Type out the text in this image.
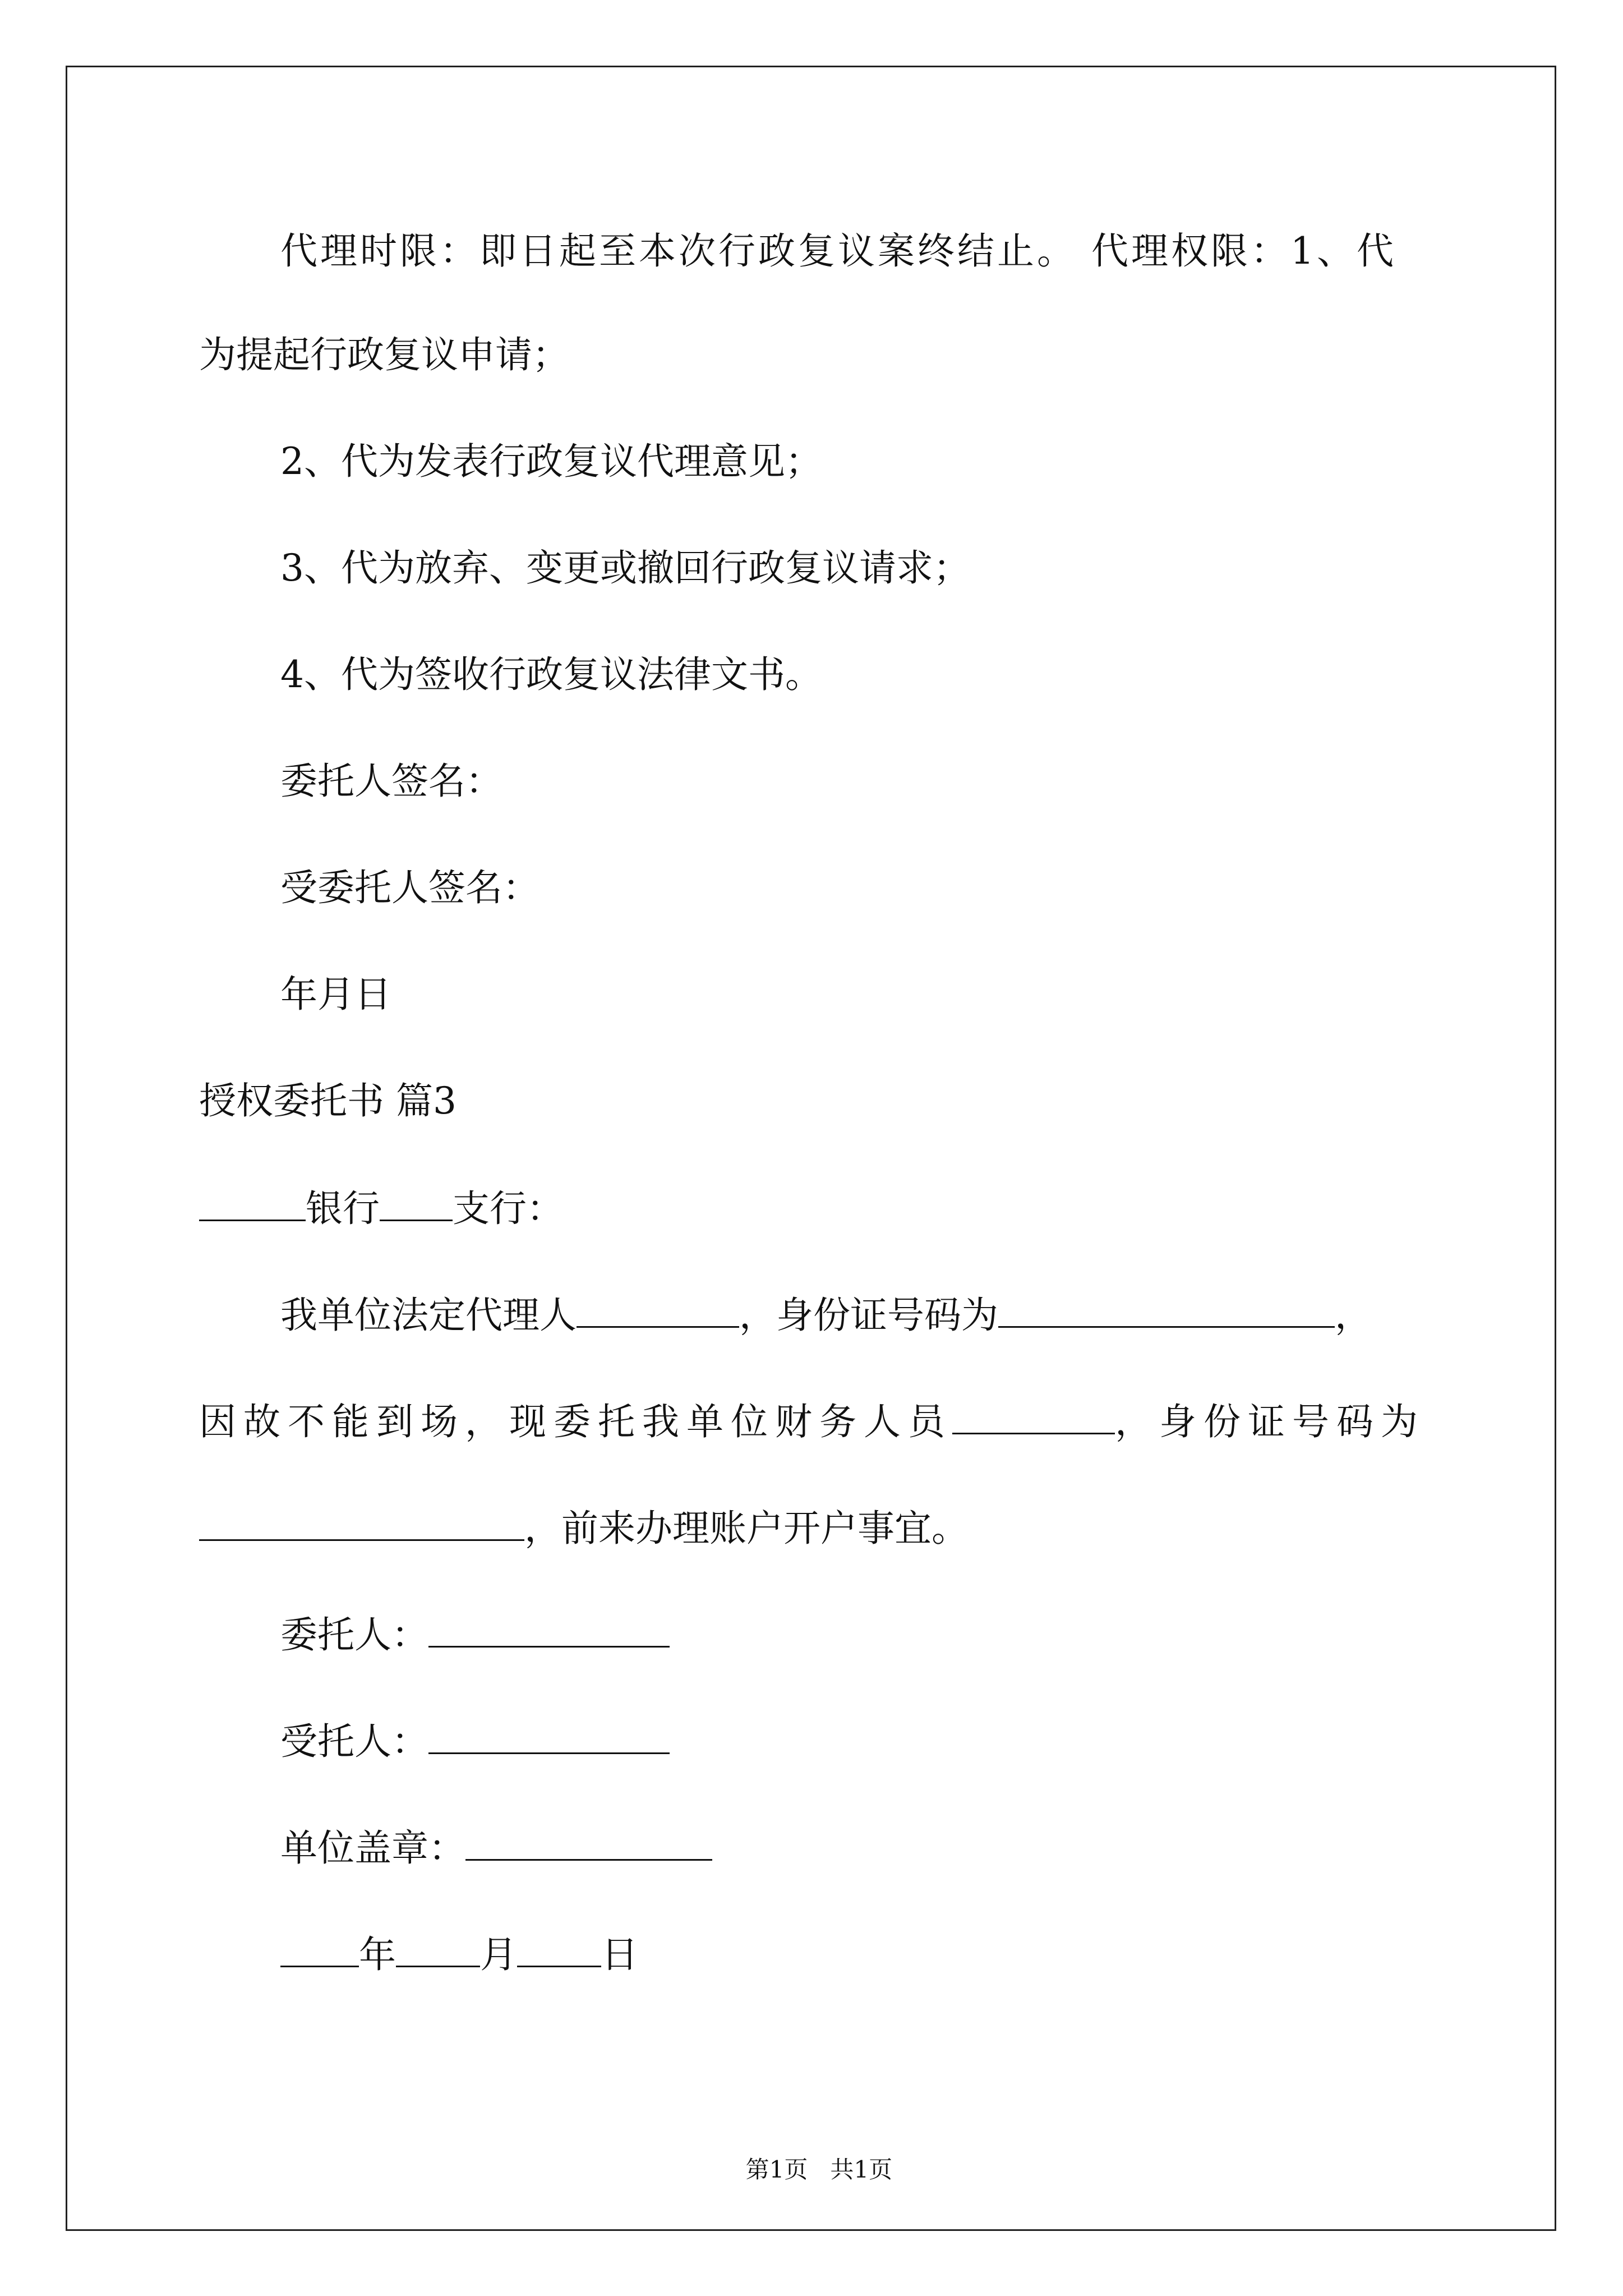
代理时限：即日起至本次行政复议案终结止。 代理权限：1、代
为提起行政复议申请；
2、代为发表行政复议代理意见；
3、代为放弃、变更或撤回行政复议请求；
4、代为签收行政复议法律文书。
委托人签名：
受委托人签名：
年月日
授权委托书 篇3
银行 支行：
我单位法定代理人	，身份证号码为	，
因故不能到场，现委托我单位财务人员	，身份证号码为
，前来办理账户开户事宜。
委托人：
受托人：
单位盖章：
年 月 日

第1页   共1页
